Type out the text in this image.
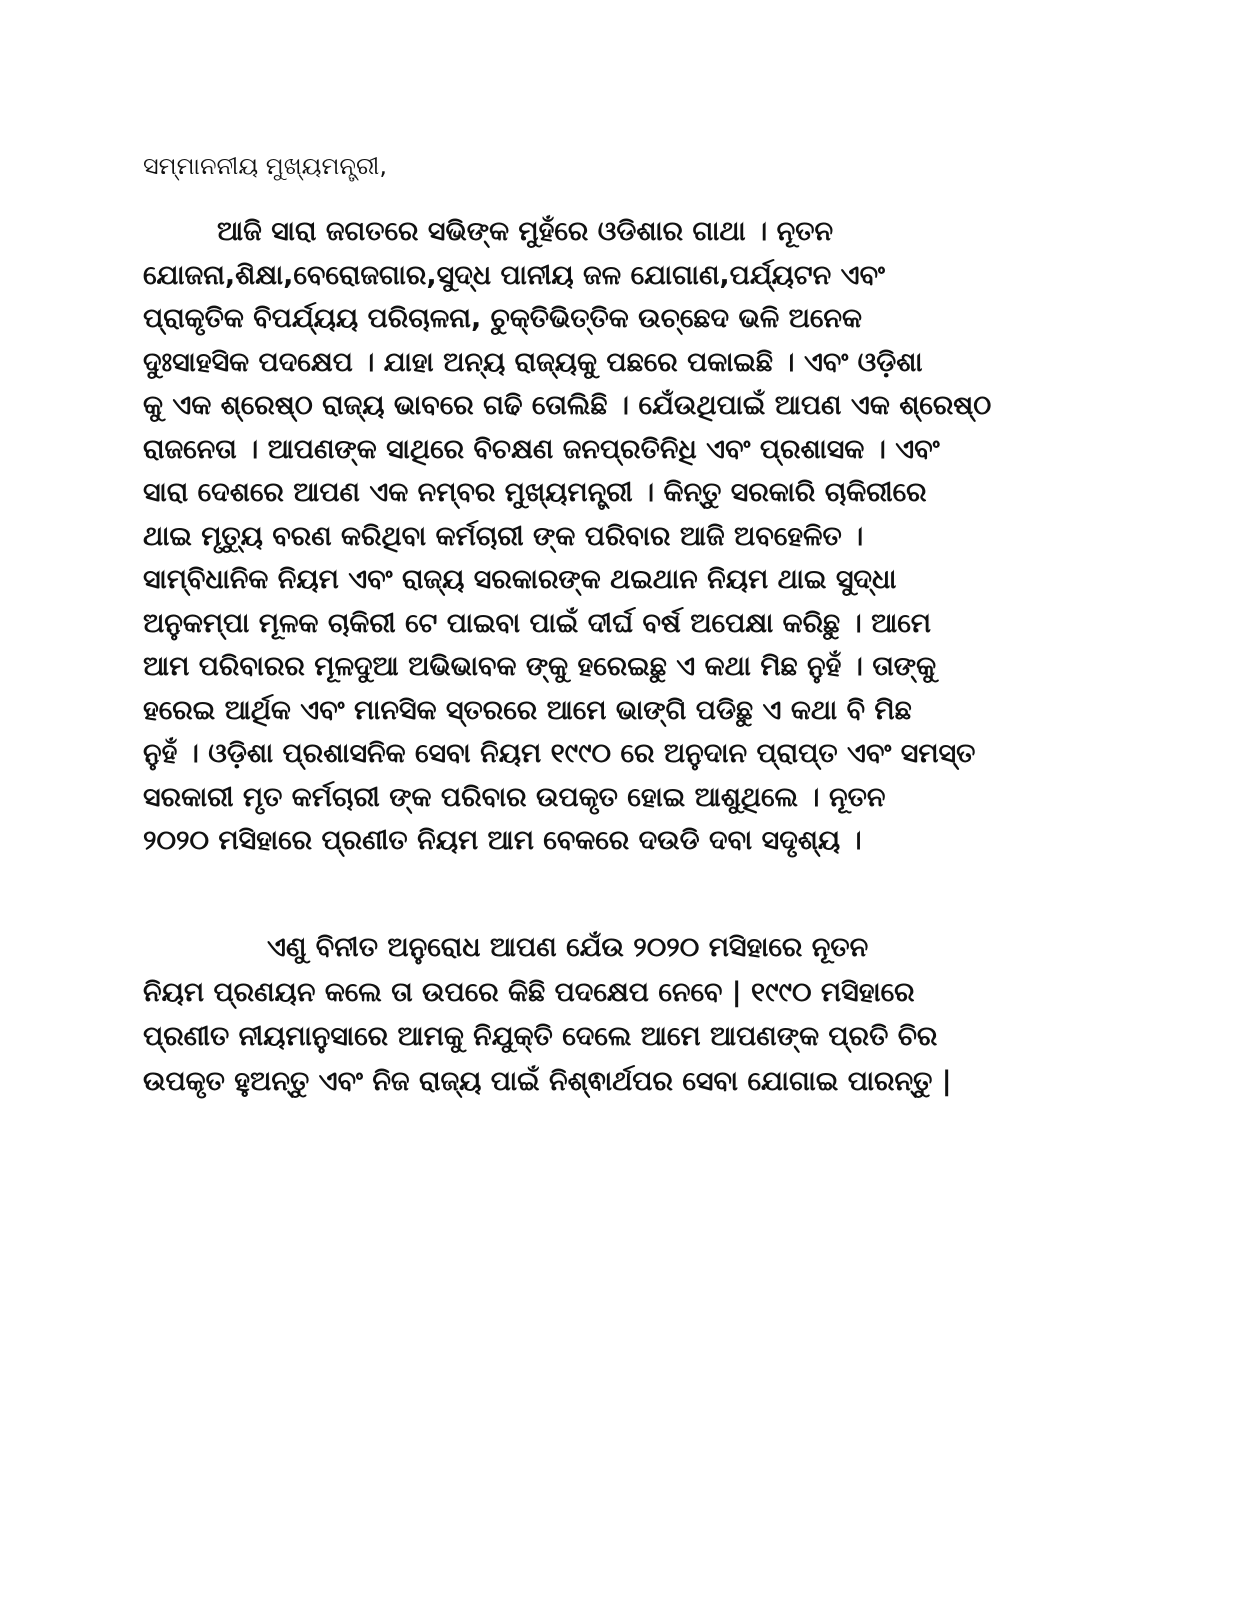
ସମ୍ମାନନୀୟ ମୁଖ୍ୟମନ୍ତ୍ରୀ,
ଆଜି ସାରା ଜଗତରେ ସଭିଙ୍କ ମୁହଁରେ ଓଡିଶାର ଗାଥା । ନୂତନ
ଯୋଜନା,ଶିକ୍ଷା,ବେରୋଜଗାର,ସୁଦ୍ଧ ପାନୀୟ ଜଳ ଯୋଗାଣ,ପର୍ଯ୍ୟଟନ ଏବଂ
ପ୍ରାକୃତିକ ବିପର୍ଯ୍ୟୟ ପରିଚାଳନା, ଚୁକ୍ତିଭିତ୍ତିକ ଉଚ୍ଛେଦ ଭଳି ଅନେକ
ଦୁଃସାହସିକ ପଦକ୍ଷେପ । ଯାହା ଅନ୍ୟ ରାଜ୍ୟକୁ ପଛରେ ପକାଇଛି । ଏବଂ ଓଡ଼ିଶା
କୁ ଏକ ଶ୍ରେଷ୍ଠ ରାଜ୍ୟ ଭାବରେ ଗଢି ତୋଲିଛି । ଯେଁଉଥିପାଇଁ ଆପଣ ଏକ ଶ୍ରେଷ୍ଠ
ରାଜନେତା । ଆପଣଙ୍କ ସାଥିରେ ବିଚକ୍ଷଣ ଜନପ୍ରତିନିଧି ଏବଂ ପ୍ରଶାସକ । ଏବଂ
ସାରା ଦେଶରେ ଆପଣ ଏକ ନମ୍ବର ମୁଖ୍ୟମନ୍ତ୍ରୀ । କିନ୍ତୁ ସରକାରି ଚାକିରୀରେ
ଥାଇ ମୃତ୍ୟୁ ବରଣ କରିଥିବା କର୍ମଚାରୀ ଙ୍କ ପରିବାର ଆଜି ଅବହେଳିତ ।
ସାମ୍ବିଧାନିକ ନିୟମ ଏବଂ ରାଜ୍ୟ ସରକାରଙ୍କ ଥଇଥାନ ନିୟମ ଥାଇ ସୁଦ୍ଧା
ଅନୁକମ୍ପା ମୂଳକ ଚାକିରୀ ଟେ ପାଇବା ପାଇଁ ଦୀର୍ଘ ବର୍ଷ ଅପେକ୍ଷା କରିଛୁ । ଆମେ
ଆମ ପରିବାରର ମୂଳଦୁଆ ଅଭିଭାବକ ଙ୍କୁ ହରେଇଛୁ ଏ କଥା ମିଛ ନୁହଁ । ତାଙ୍କୁ
ହରେଇ ଆର୍ଥିକ ଏବଂ ମାନସିକ ସ୍ତରରେ ଆମେ ଭାଙ୍ଗି ପଡିଛୁ ଏ କଥା ବି ମିଛ
ନୁହଁ । ଓଡ଼ିଶା ପ୍ରଶାସନିକ ସେବା ନିୟମ ୧୯୯୦ ରେ ଅନୁଦାନ ପ୍ରାପ୍ତ ଏବଂ ସମସ୍ତ
ସରକାରୀ ମୃତ କର୍ମଚାରୀ ଙ୍କ ପରିବାର ଉପକୃତ ହୋଇ ଆଶୁଥିଲେ । ନୂତନ
୨୦୨୦ ମସିହାରେ ପ୍ରଣୀତ ନିୟମ ଆମ ବେକରେ ଦଉଡି ଦବା ସଦୃଶ୍ୟ ।
ଏଣୁ ବିନୀତ ଅନୁରୋଧ ଆପଣ ଯେଁଉ ୨୦୨୦ ମସିହାରେ ନୂତନ
ନିୟମ ପ୍ରଣୟନ କଲେ ତା ଉପରେ କିଛି ପଦକ୍ଷେପ ନେବେ | ୧୯୯୦ ମସିହାରେ
ପ୍ରଣୀତ ନୀୟମାନୁସାରେ ଆମକୁ ନିଯୁକ୍ତି ଦେଲେ ଆମେ ଆପଣଙ୍କ ପ୍ରତି ଚିର
ଉପକୃତ ହୁଅନ୍ତୁ ଏବଂ ନିଜ ରାଜ୍ୟ ପାଇଁ ନିଶ୍ଵାର୍ଥପର ସେବା ଯୋଗାଇ ପାରନ୍ତୁ |
